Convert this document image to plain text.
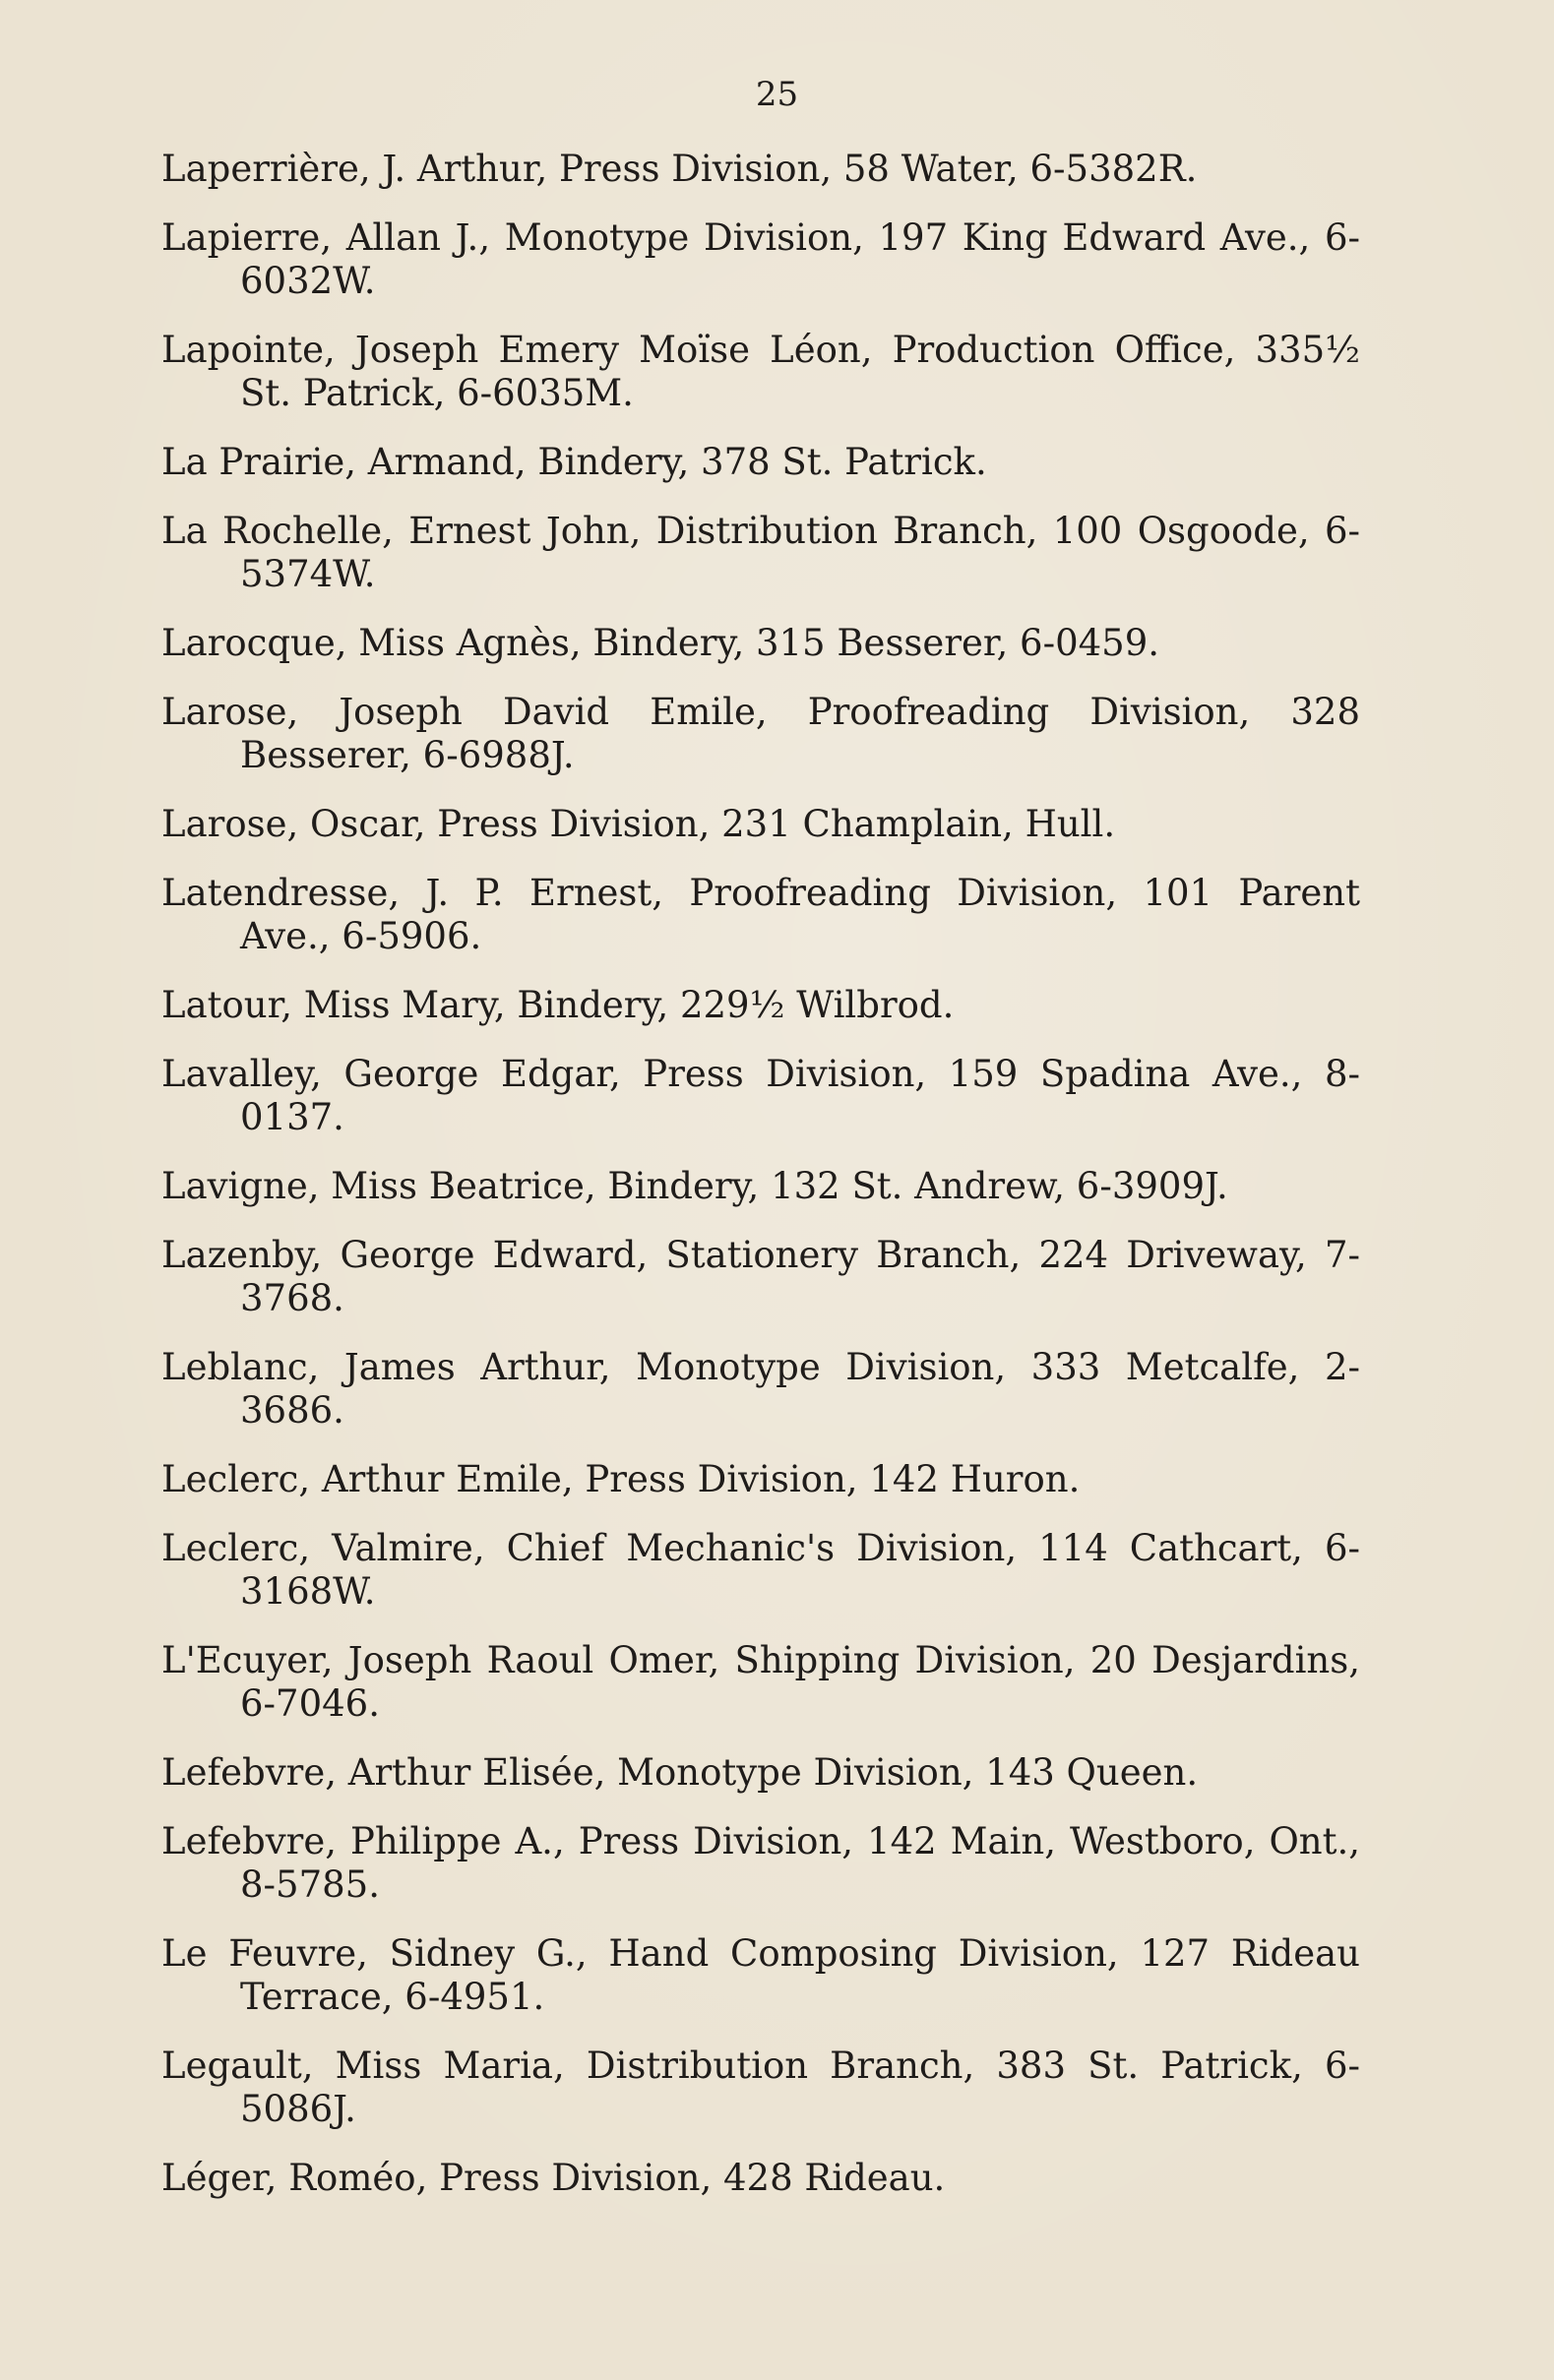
25

Laperrière, J. Arthur, Press Division, 58 Water, 6-5382R.

Lapierre, Allan J., Monotype Division, 197 King Edward Ave., 6-6032W.

Lapointe, Joseph Emery Moïse Léon, Production Office, 335½ St. Patrick, 6-6035M.

La Prairie, Armand, Bindery, 378 St. Patrick.

La Rochelle, Ernest John, Distribution Branch, 100 Osgoode, 6-5374W.

Larocque, Miss Agnès, Bindery, 315 Besserer, 6-0459.

Larose, Joseph David Emile, Proofreading Division, 328 Besserer, 6-6988J.

Larose, Oscar, Press Division, 231 Champlain, Hull.

Latendresse, J. P. Ernest, Proofreading Division, 101 Parent Ave., 6-5906.

Latour, Miss Mary, Bindery, 229½ Wilbrod.

Lavalley, George Edgar, Press Division, 159 Spadina Ave., 8-0137.

Lavigne, Miss Beatrice, Bindery, 132 St. Andrew, 6-3909J.

Lazenby, George Edward, Stationery Branch, 224 Driveway, 7-3768.

Leblanc, James Arthur, Monotype Division, 333 Metcalfe, 2-3686.

Leclerc, Arthur Emile, Press Division, 142 Huron.

Leclerc, Valmire, Chief Mechanic's Division, 114 Cathcart, 6-3168W.

L'Ecuyer, Joseph Raoul Omer, Shipping Division, 20 Desjardins, 6-7046.

Lefebvre, Arthur Elisée, Monotype Division, 143 Queen.

Lefebvre, Philippe A., Press Division, 142 Main, Westboro, Ont., 8-5785.

Le Feuvre, Sidney G., Hand Composing Division, 127 Rideau Terrace, 6-4951.

Legault, Miss Maria, Distribution Branch, 383 St. Patrick, 6-5086J.

Léger, Roméo, Press Division, 428 Rideau.
